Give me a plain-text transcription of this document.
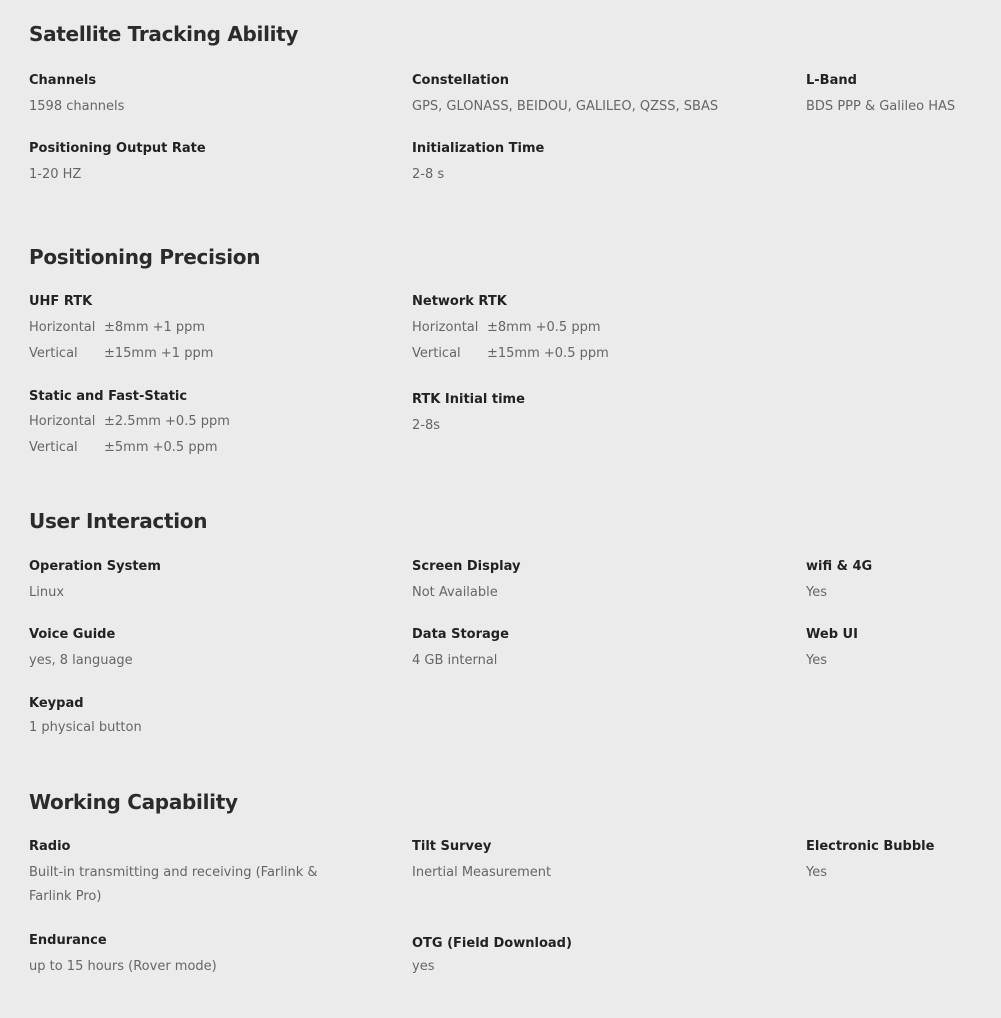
Satellite Tracking Ability
Channels
1598 channels
Constellation
GPS, GLONASS, BEIDOU, GALILEO, QZSS, SBAS
L-Band
BDS PPP & Galileo HAS
Positioning Output Rate
1-20 HZ
Initialization Time
2-8 s
Positioning Precision
UHF RTK
Horizontal ±8mm +1 ppm
Vertical ±15mm +1 ppm
Network RTK
Horizontal ±8mm +0.5 ppm
Vertical ±15mm +0.5 ppm
Static and Fast-Static
Horizontal ±2.5mm +0.5 ppm
Vertical ±5mm +0.5 ppm
RTK Initial time
2-8s
User Interaction
Operation System
Linux
Screen Display
Not Available
wifi & 4G
Yes
Voice Guide
yes, 8 language
Data Storage
4 GB internal
Web UI
Yes
Keypad
1 physical button
Working Capability
Radio
Built-in transmitting and receiving (Farlink & Farlink Pro)
Tilt Survey
Inertial Measurement
Electronic Bubble
Yes
Endurance
up to 15 hours (Rover mode)
OTG (Field Download)
yes
